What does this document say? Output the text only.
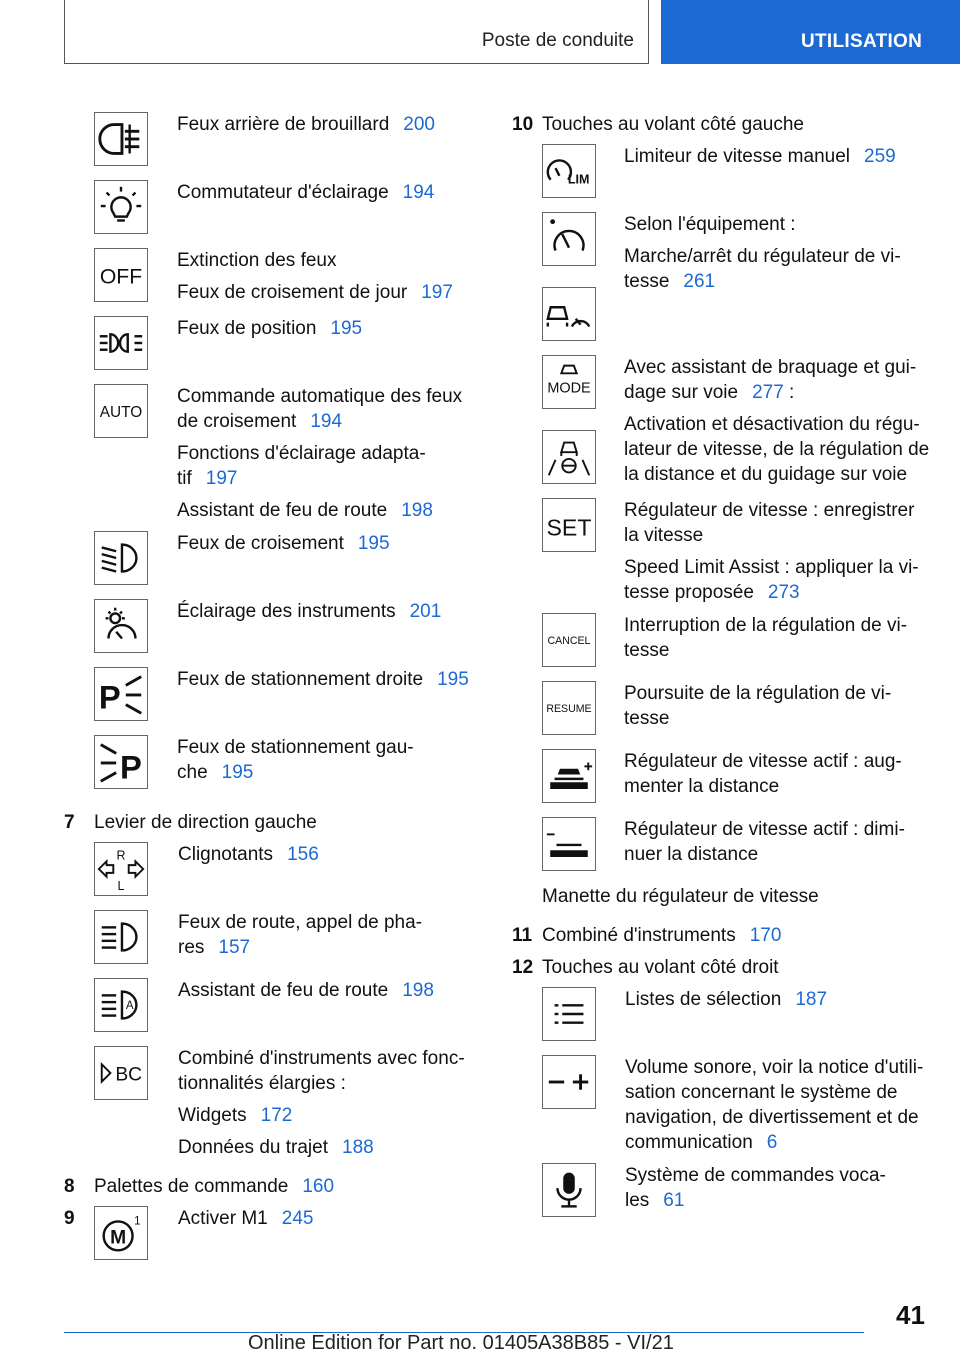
Poste de conduite	UTILISATION
Feux arrière de brouillard 200
Commutateur d'éclairage 194
OFF
Extinction des feux
Feux de croisement de jour 197
Feux de position 195
AUTO
Commande automatique des feux
de croisement 194
Fonctions d'éclairage adapta-
tif 197
Assistant de feu de route 198
Feux de croisement 195
Éclairage des instruments 201
P	Feux de stationnement droite 195
P
Feux de stationnement gau-
che 195
7 Levier de direction gauche
R
L
Clignotants 156
Feux de route, appel de pha-
res 157
A
Assistant de feu de route 198
BC
Combiné d'instruments avec fonc-
tionnalités élargies :
Widgets 172
Données du trajet 188
8 Palettes de commande 160
9
M
1 Activer M1 245
10 Touches au volant côté gauche
LIM
Limiteur de vitesse manuel 259
Selon l'équipement :
Marche/arrêt du régulateur de vi-
tesse 261
MODE
Avec assistant de braquage et gui-
dage sur voie 277 :
Activation et désactivation du régu-
lateur de vitesse, de la régulation de
la distance et du guidage sur voie
SET
Régulateur de vitesse : enregistrer
la vitesse
Speed Limit Assist : appliquer la vi-
tesse proposée 273
CANCEL
Interruption de la régulation de vi-
tesse
RESUME
Poursuite de la régulation de vi-
tesse
Régulateur de vitesse actif : aug-
menter la distance
Régulateur de vitesse actif : dimi-
nuer la distance
Manette du régulateur de vitesse
11 Combiné d'instruments 170
12 Touches au volant côté droit
Listes de sélection 187
Volume sonore, voir la notice d'utili-
sation concernant le système de
navigation, de divertissement et de
communication 6
Système de commandes voca-
les 61
41
Online Edition for Part no. 01405A38B85 - VI/21
